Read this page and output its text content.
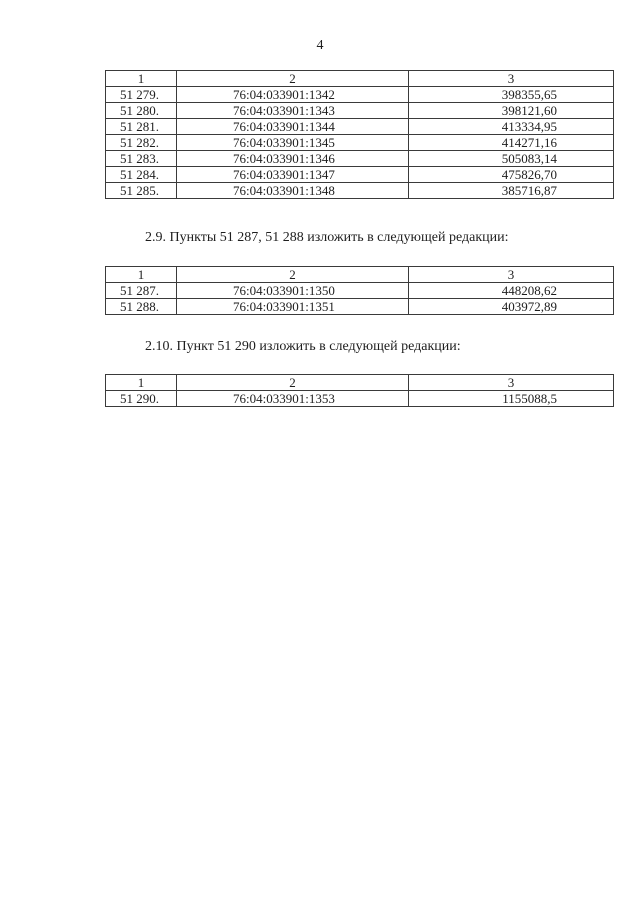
4
1	2	3
51 279.	76:04:033901:1342	398355,65
51 280.	76:04:033901:1343	398121,60
51 281.	76:04:033901:1344	413334,95
51 282.	76:04:033901:1345	414271,16
51 283.	76:04:033901:1346	505083,14
51 284.	76:04:033901:1347	475826,70
51 285.	76:04:033901:1348	385716,87
2.9. Пункты 51 287, 51 288 изложить в следующей редакции:
1	2	3
51 287.	76:04:033901:1350	448208,62
51 288.	76:04:033901:1351	403972,89
2.10. Пункт 51 290 изложить в следующей редакции:
1	2	3
51 290.	76:04:033901:1353	1155088,5
